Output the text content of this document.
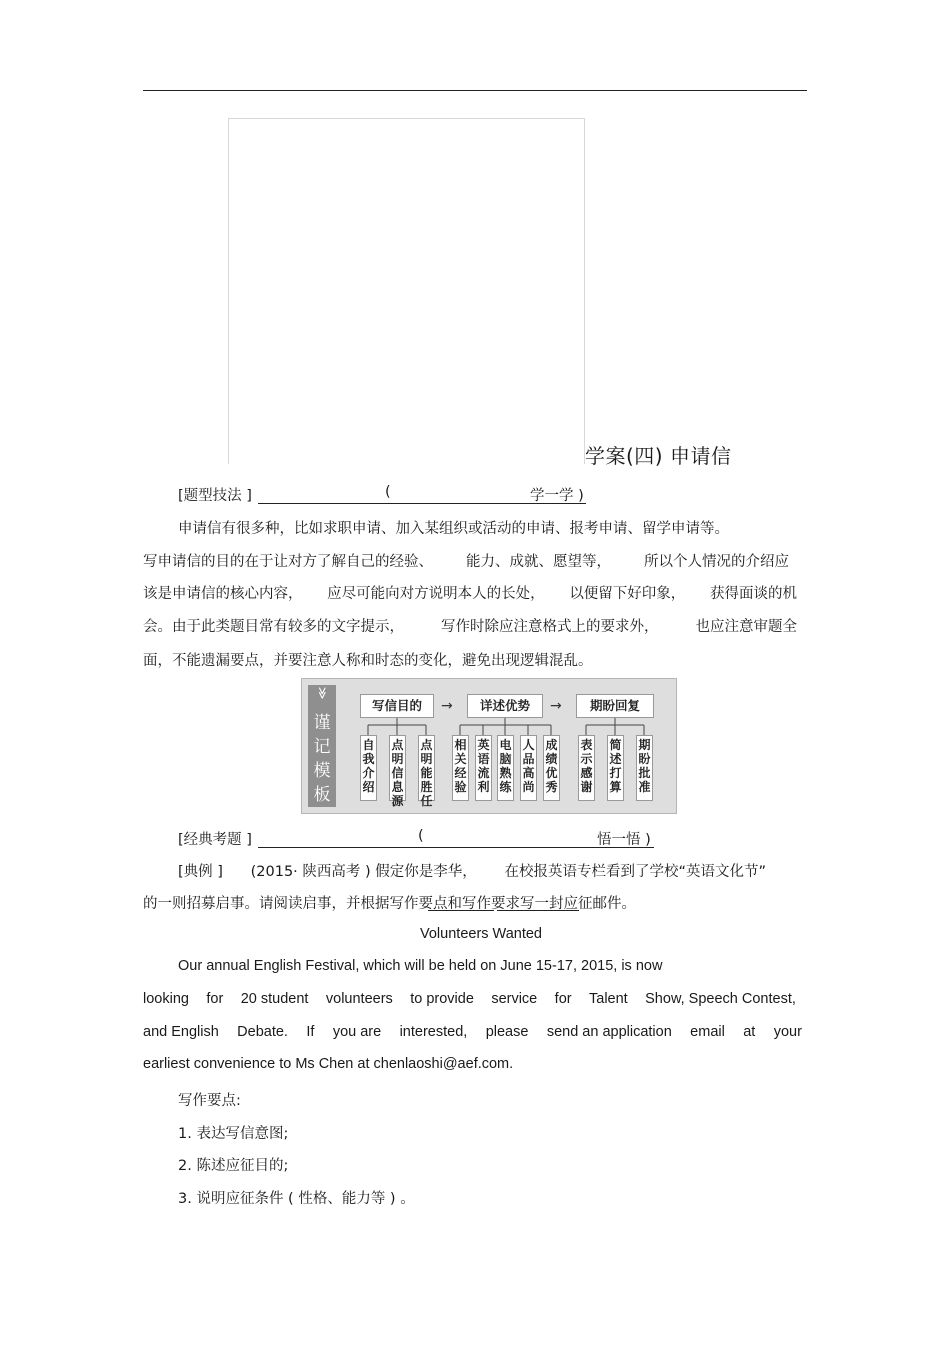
学案(四) 申请信
[题型技法 ]	(	学一学 )
申请信有很多种，比如求职申请、加入某组织或活动的申请、报考申请、留学申请等。
写申请信的目的在于让对方了解自己的经验、 能力、成就、愿望等， 所以个人情况的介绍应
该是申请信的核心内容， 应尽可能向对方说明本人的长处， 以便留下好印象， 获得面谈的机
会。由于此类题目常有较多的文字提示，	写作时除应注意格式上的要求外，	也应注意审题全
面，不能遗漏要点，并要注意人称和时态的变化，避免出现逻辑混乱。
≫
谨记模板
写信目的	→	详述优势	→	期盼回复
自我介绍
点明信息源
点明能胜任
相关经验
英语流利
电脑熟练
人品高尚
成绩优秀
表示感谢
简述打算
期盼批准
[经典考题 ]	(	悟一悟 )
[典例 ] (2015· 陕西高考 ) 假定你是李华， 在校报英语专栏看到了学校“英语文化节”
的一则招募启事。请阅读启事，并根据写作要点和写作要求写一封应征邮件。
Volunteers Wanted
Our annual English Festival, which will be held on June 15-17, 2015, is now
looking for 20 student volunteers to provide service for Talent Show, Speech Contest,
and English Debate. If you are interested, please send an application email at your
earliest convenience to Ms Chen at chenlaoshi@aef.com.
写作要点:
1. 表达写信意图;
2. 陈述应征目的;
3. 说明应征条件 ( 性格、能力等 ) 。
